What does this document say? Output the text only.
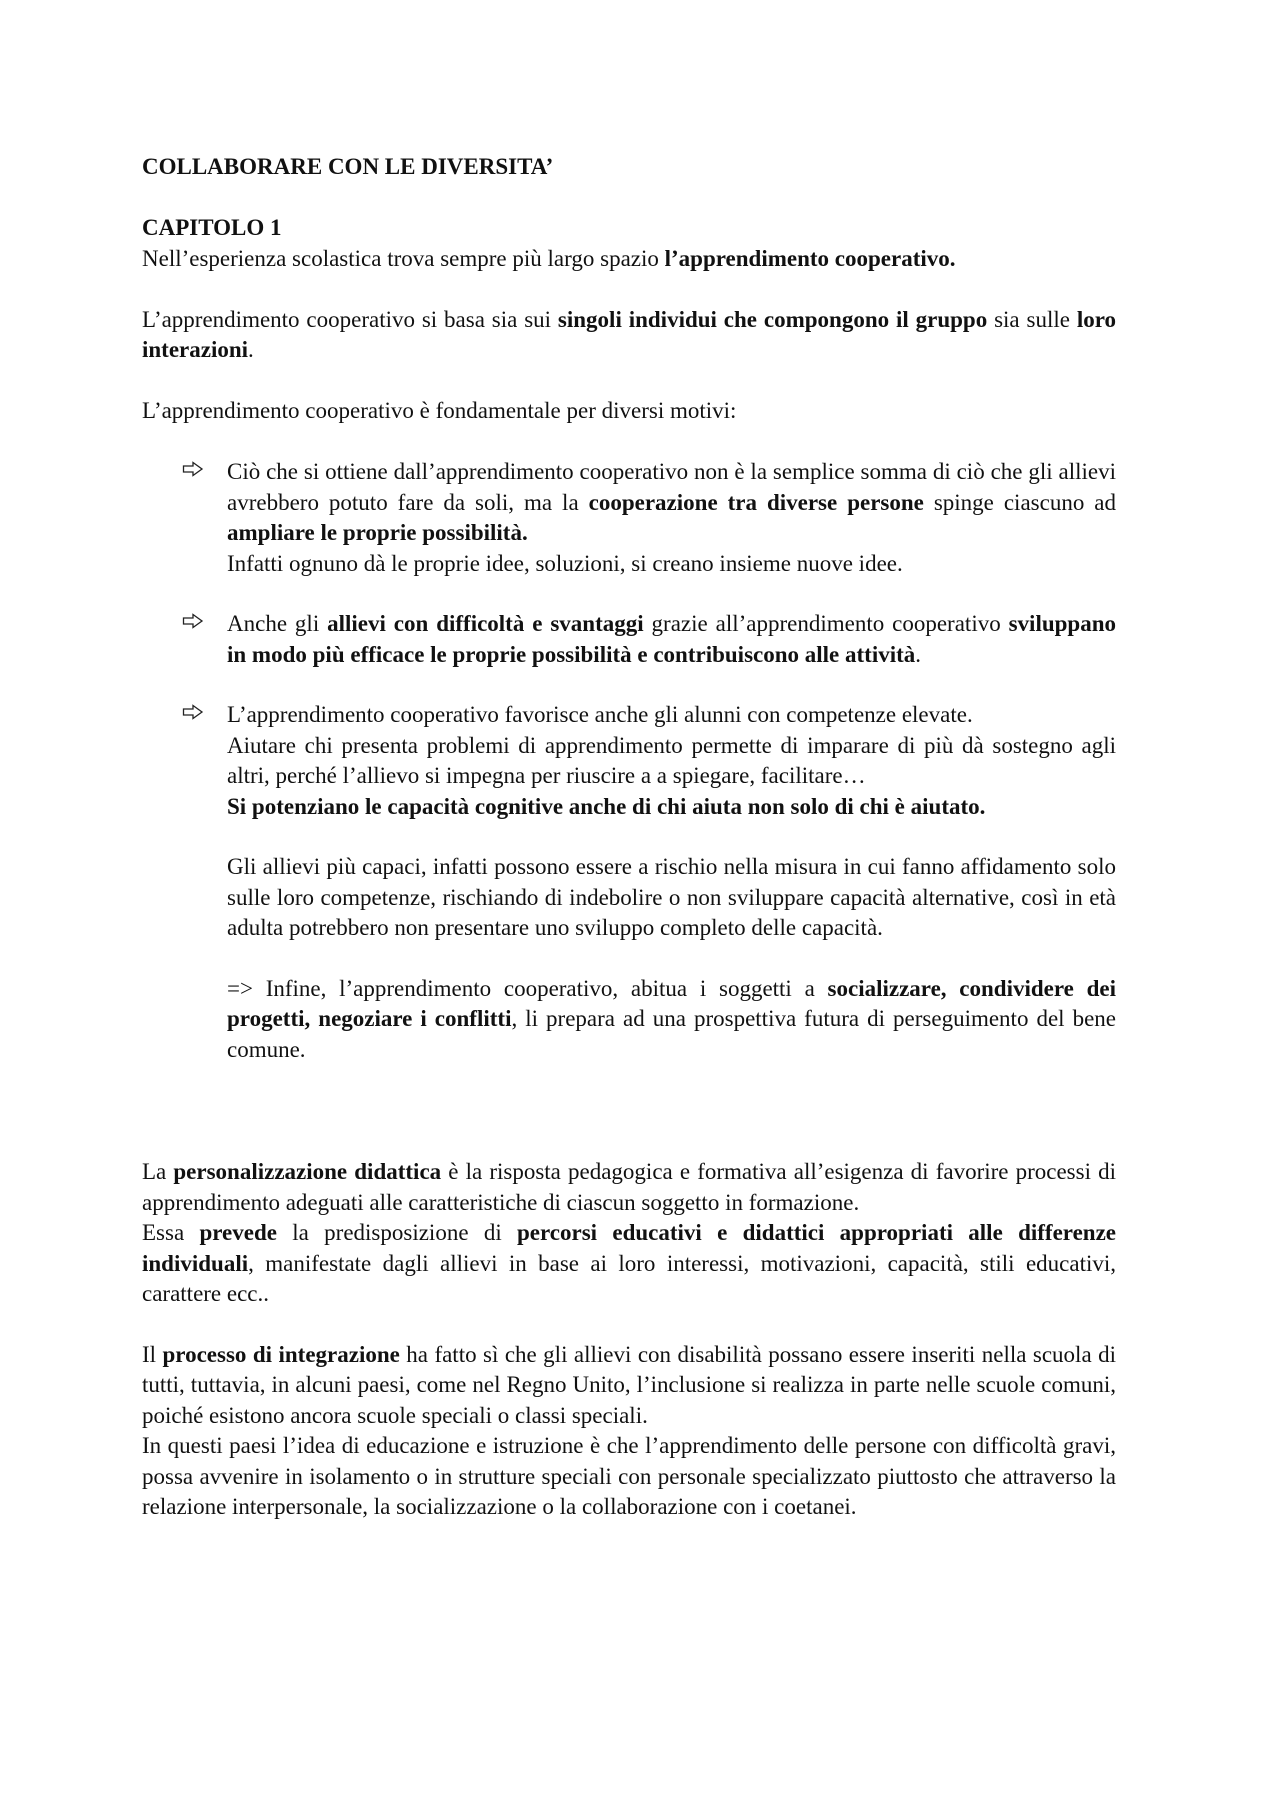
COLLABORARE CON LE DIVERSITA’
CAPITOLO 1

Nell’esperienza scolastica trova sempre più largo spazio l’apprendimento cooperativo.

L’apprendimento cooperativo si basa sia sui singoli individui che compongono il gruppo sia sulle loro interazioni.

L’apprendimento cooperativo è fondamentale per diversi motivi:

Ciò che si ottiene dall’apprendimento cooperativo non è la semplice somma di ciò che gli allievi avrebbero potuto fare da soli, ma la cooperazione tra diverse persone spinge ciascuno ad ampliare le proprie possibilità.

Infatti ognuno dà le proprie idee, soluzioni, si creano insieme nuove idee.

Anche gli allievi con difficoltà e svantaggi grazie all’apprendimento cooperativo sviluppano in modo più efficace le proprie possibilità e contribuiscono alle attività.

L’apprendimento cooperativo favorisce anche gli alunni con competenze elevate.

Aiutare chi presenta problemi di apprendimento permette di imparare di più dà sostegno agli altri, perché l’allievo si impegna per riuscire a a spiegare, facilitare…

Si potenziano le capacità cognitive anche di chi aiuta non solo di chi è aiutato.

Gli allievi più capaci, infatti possono essere a rischio nella misura in cui fanno affidamento solo sulle loro competenze, rischiando di indebolire o non sviluppare capacità alternative, così in età adulta potrebbero non presentare uno sviluppo completo delle capacità.

=> Infine, l’apprendimento cooperativo, abitua i soggetti a socializzare, condividere dei progetti, negoziare i conflitti, li prepara ad una prospettiva futura di perseguimento del bene comune.

La personalizzazione didattica è la risposta pedagogica e formativa all’esigenza di favorire processi di apprendimento adeguati alle caratteristiche di ciascun soggetto in formazione.

Essa prevede la predisposizione di percorsi educativi e didattici appropriati alle differenze individuali, manifestate dagli allievi in base ai loro interessi, motivazioni, capacità, stili educativi, carattere ecc..

Il processo di integrazione ha fatto sì che gli allievi con disabilità possano essere inseriti nella scuola di tutti, tuttavia, in alcuni paesi, come nel Regno Unito, l’inclusione si realizza in parte nelle scuole comuni, poiché esistono ancora scuole speciali o classi speciali.

In questi paesi l’idea di educazione e istruzione è che l’apprendimento delle persone con difficoltà gravi, possa avvenire in isolamento o in strutture speciali con personale specializzato piuttosto che attraverso la relazione interpersonale, la socializzazione o la collaborazione con i coetanei.
